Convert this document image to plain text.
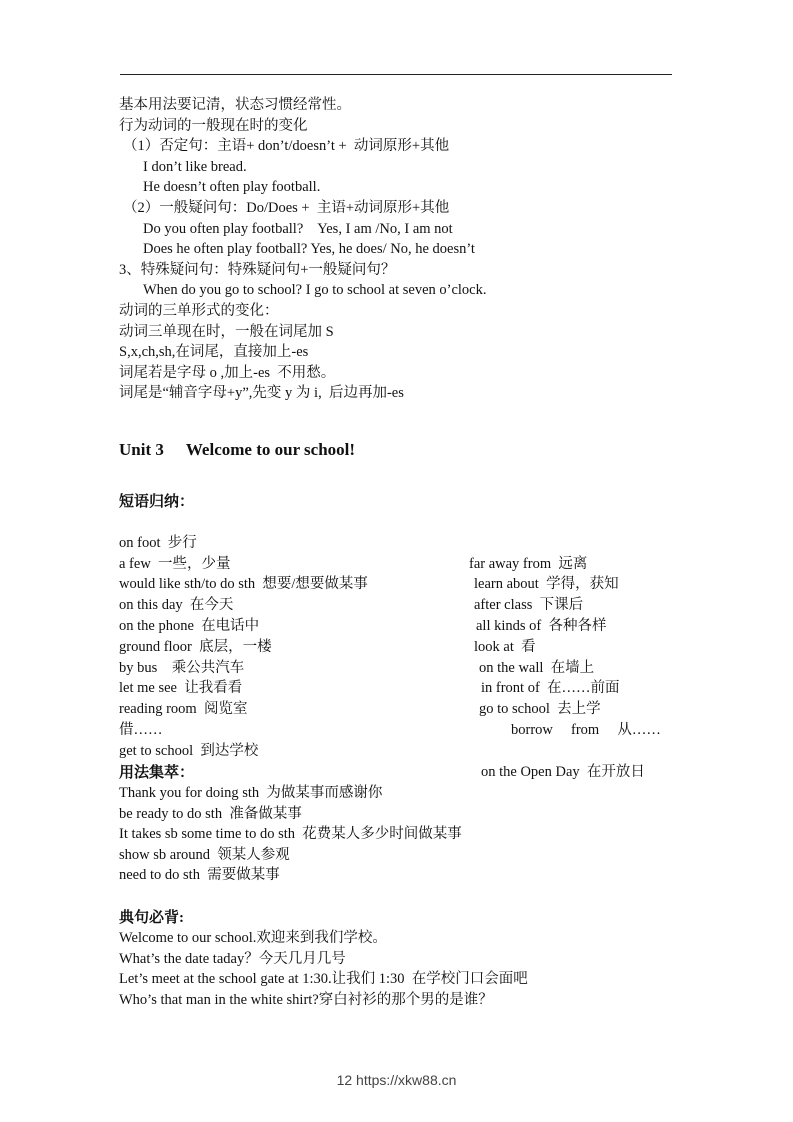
基本用法要记清，状态习惯经常性。
行为动词的一般现在时的变化
（1）否定句：主语+ don’t/doesn’t +  动词原形+其他
I don’t like bread.
He doesn’t often play football.
（2）一般疑问句：Do/Does +  主语+动词原形+其他
Do you often play football?    Yes, I am /No, I am not
Does he often play football? Yes, he does/ No, he doesn’t
3、特殊疑问句：特殊疑问句+一般疑问句？
When do you go to school? I go to school at seven o’clock.
动词的三单形式的变化：
动词三单现在时，一般在词尾加 S
S,x,ch,sh,在词尾，直接加上-es
词尾若是字母 o ,加上-es  不用愁。
词尾是“辅音字母+y”,先变 y 为 i,  后边再加-es
Unit 3 Welcome to our school!
短语归纳：

on foot  步行

far away from  远离

a few  一些，少量

learn about  学得，获知

would like sth/to do sth  想要/想要做某事

after class  下课后

on this day  在今天

all kinds of  各种各样

on the phone  在电话中

look at  看

ground floor  底层，一楼

on the wall  在墙上

by bus    乘公共汽车

in front of  在……前面

let me see  让我看看

go to school  去上学

reading room  阅览室

borrow     from     从……

借……

get to school  到达学校

on the Open Day  在开放日

用法集萃：
Thank you for doing sth  为做某事而感谢你
be ready to do sth  准备做某事
It takes sb some time to do sth  花费某人多少时间做某事
show sb around  领某人参观
need to do sth  需要做某事
典句必背:
Welcome to our school.欢迎来到我们学校。
What’s the date taday？今天几月几号
Let’s meet at the school gate at 1:30.让我们 1:30  在学校门口会面吧
Who’s that man in the white shirt?穿白衬衫的那个男的是谁？
12 https://xkw88.cn
